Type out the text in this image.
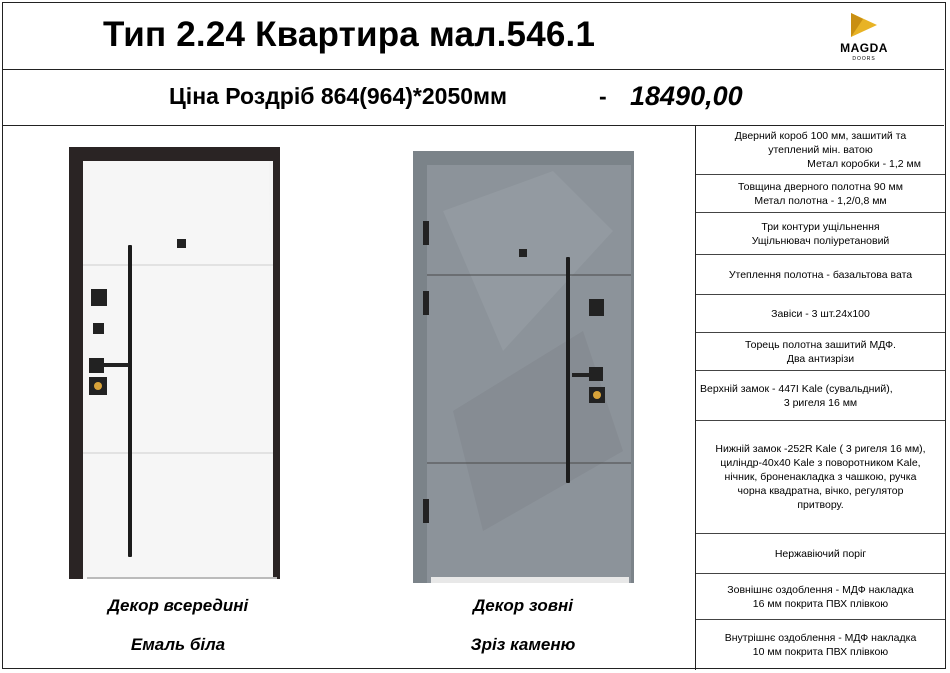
Тип 2.24 Квартира мал.546.1	MAGDA
DOORS
Ціна Роздріб 864(964)*2050мм	- 18490,00
Декор всередині
Емаль біла
Декор зовні
Зріз каменю
Дверний короб 100 мм, зашитий та
утеплений мін. ватою
Метал коробки - 1,2 мм
Товщина дверного полотна 90 мм
Метал полотна - 1,2/0,8 мм
Три контури ущільнення
Ущільнювач поліуретановий
Утеплення полотна - базальтова вата
Завіси - 3 шт.24х100
Торець полотна зашитий МДФ.
Два антизрізи
Верхній замок - 447I Kale (сувальдний),
3 ригеля 16 мм
Нижній замок -252R Kale ( 3 ригеля 16 мм),
циліндр-40х40 Kale з поворотником Kale,
нічник, броненакладка з чашкою, ручка
чорна квадратна, вічко, регулятор
притвору.
Нержавіючий поріг
Зовнішнє оздоблення - МДФ накладка
16 мм покрита ПВХ плівкою
Внутрішнє оздоблення - МДФ накладка
10 мм покрита ПВХ плівкою
